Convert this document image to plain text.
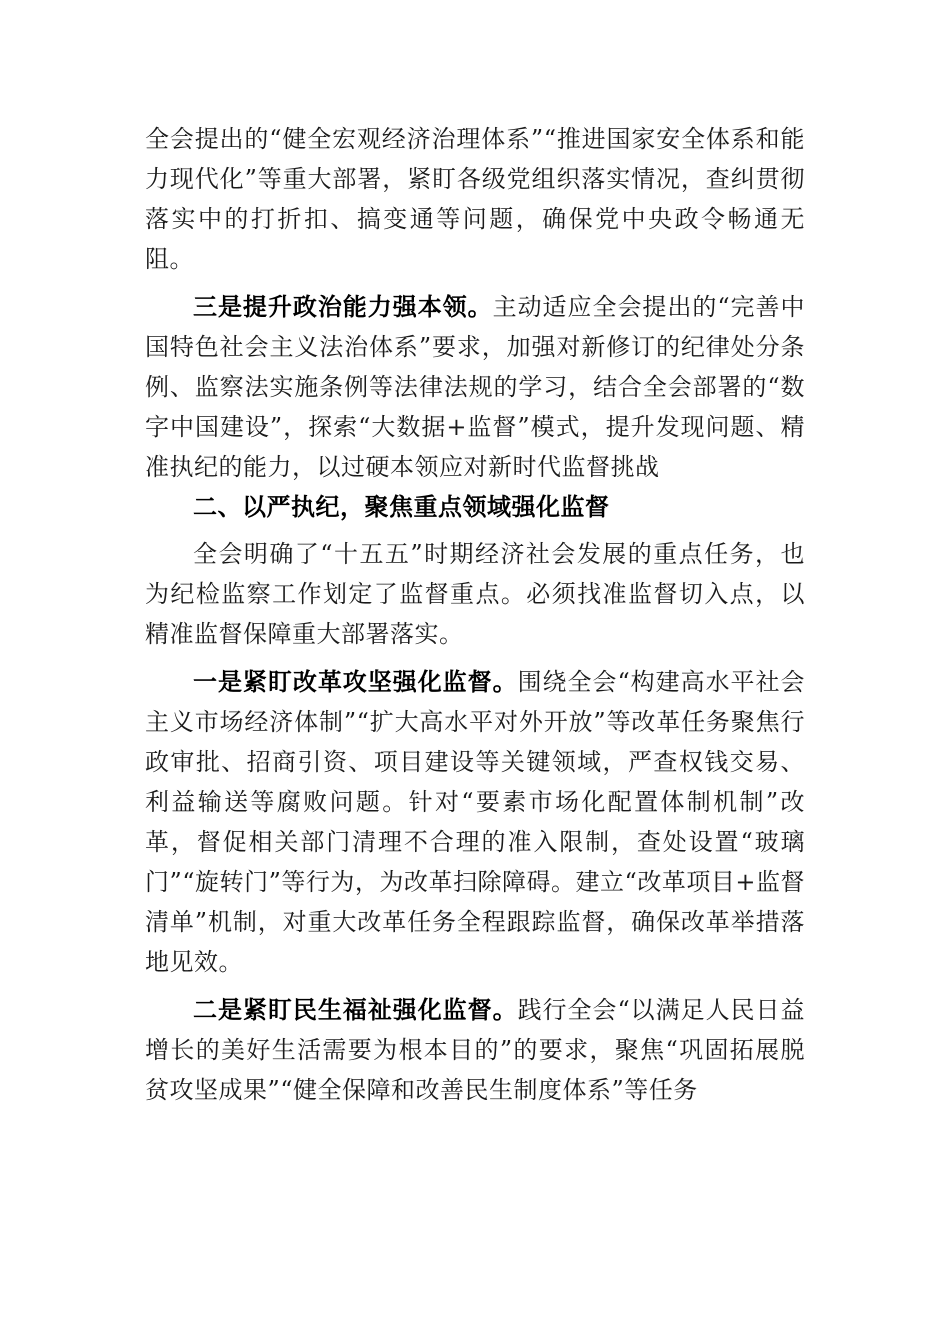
全会提出的“健全宏观经济治理体系”“推进国家安全体系和能力现代化”等重大部署，紧盯各级党组织落实情况，查纠贯彻落实中的打折扣、搞变通等问题，确保党中央政令畅通无阻。

三是提升政治能力强本领。主动适应全会提出的“完善中国特色社会主义法治体系”要求，加强对新修订的纪律处分条例、监察法实施条例等法律法规的学习，结合全会部署的“数字中国建设”，探索“大数据+监督”模式，提升发现问题、精准执纪的能力，以过硬本领应对新时代监督挑战

二、以严执纪，聚焦重点领域强化监督

全会明确了“十五五”时期经济社会发展的重点任务，也为纪检监察工作划定了监督重点。必须找准监督切入点，以精准监督保障重大部署落实。

一是紧盯改革攻坚强化监督。围绕全会“构建高水平社会主义市场经济体制”“扩大高水平对外开放”等改革任务聚焦行政审批、招商引资、项目建设等关键领域，严查权钱交易、利益输送等腐败问题。针对“要素市场化配置体制机制”改革，督促相关部门清理不合理的准入限制，查处设置“玻璃门”“旋转门”等行为，为改革扫除障碍。建立“改革项目+监督清单”机制，对重大改革任务全程跟踪监督，确保改革举措落地见效。

二是紧盯民生福祉强化监督。践行全会“以满足人民日益增长的美好生活需要为根本目的”的要求，聚焦“巩固拓展脱贫攻坚成果”“健全保障和改善民生制度体系”等任务
